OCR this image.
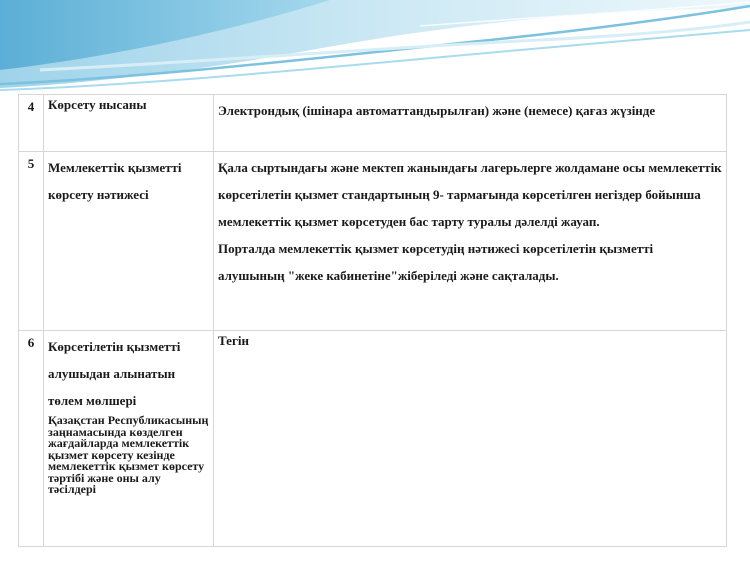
4	Көрсету нысаны	Электрондық (ішінара автоматтандырылған) және (немесе) қағаз жүзінде
5	Мемлекеттік қызметті көрсету нәтижесі	Қала сыртындағы және мектеп жанындағы лагерьлерге жолдамане осы мемлекеттік көрсетілетін қызмет стандартының 9- тармағында көрсетілген негіздер бойынша мемлекеттік қызмет көрсетуден бас тарту туралы дәлелді жауап.
Порталда мемлекеттік қызмет көрсетудің нәтижесі көрсетілетін қызметті алушының "жеке кабинетіне"жіберіледі және сақталады.

6	Көрсетілетін қызметті алушыдан алынатын төлем мөлшері
Қазақстан Республикасының заңнамасында көзделген жағдайларда мемлекеттік қызмет көрсету кезінде мемлекеттік қызмет көрсету тәртібі және оны алу тәсілдері	Тегін
